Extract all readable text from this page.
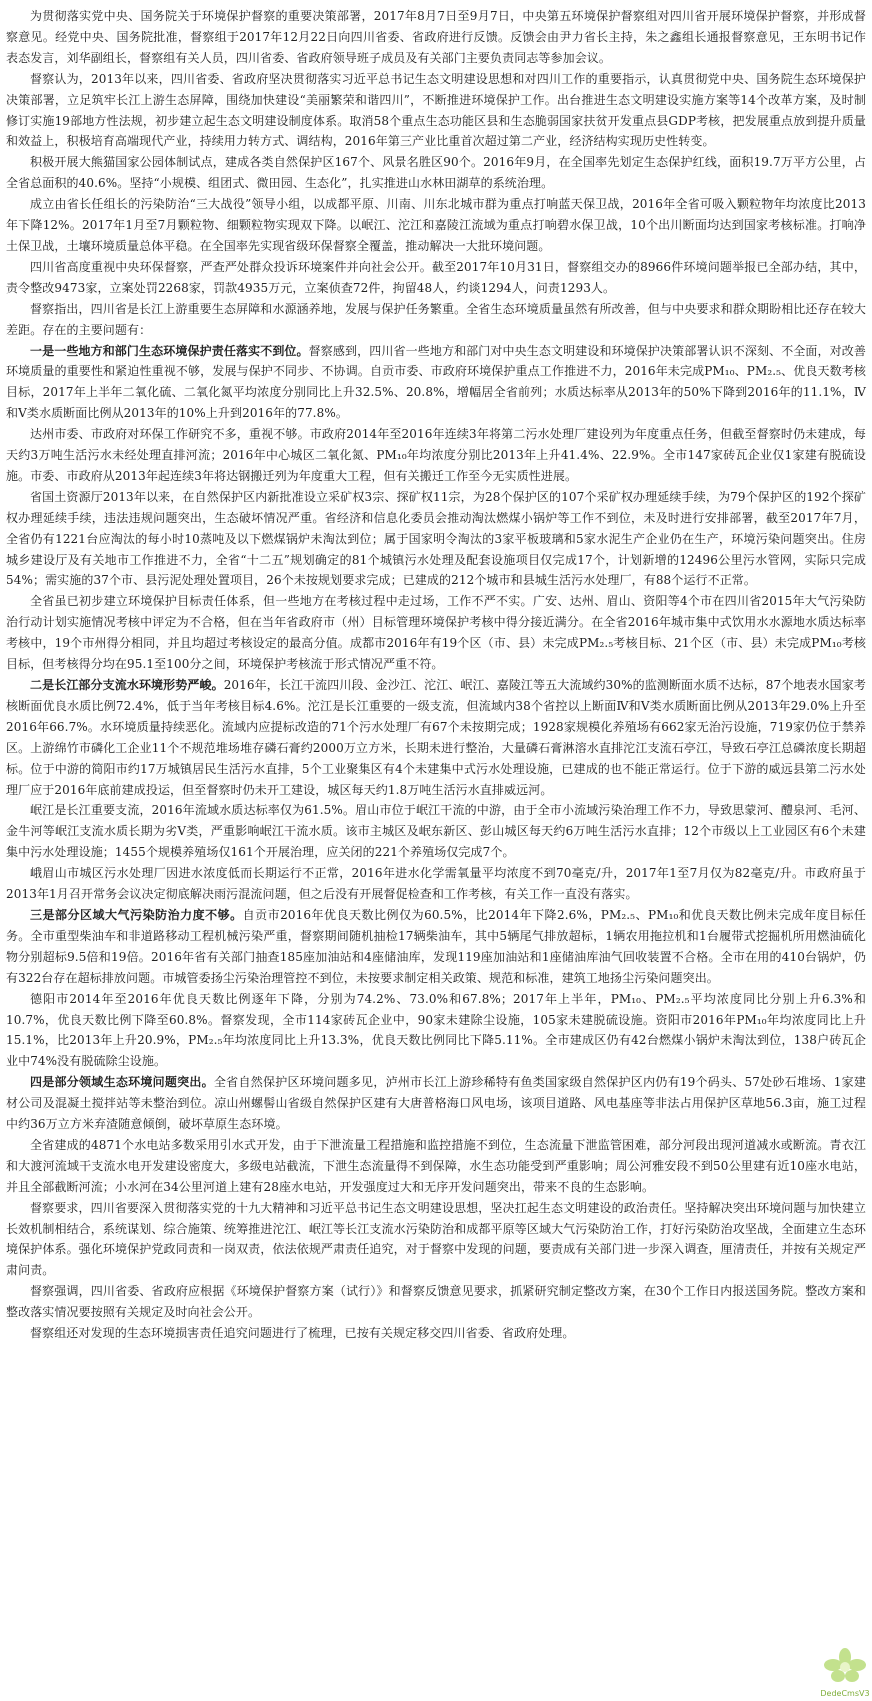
为贯彻落实党中央、国务院关于环境保护督察的重要决策部署，2017年8月7日至9月7日，中央第五环境保护督察组对四川省开展环境保护督察，并形成督察意见。经党中央、国务院批准，督察组于2017年12月22日向四川省委、省政府进行反馈。反馈会由尹力省长主持，朱之鑫组长通报督察意见，王东明书记作表态发言，刘华副组长，督察组有关人员，四川省委、省政府领导班子成员及有关部门主要负责同志等参加会议。

督察认为，2013年以来，四川省委、省政府坚决贯彻落实习近平总书记生态文明建设思想和对四川工作的重要指示，认真贯彻党中央、国务院生态环境保护决策部署，立足筑牢长江上游生态屏障，围绕加快建设“美丽繁荣和谐四川”，不断推进环境保护工作。出台推进生态文明建设实施方案等14个改革方案，及时制修订实施19部地方性法规，初步建立起生态文明建设制度体系。取消58个重点生态功能区县和生态脆弱国家扶贫开发重点县GDP考核，把发展重点放到提升质量和效益上，积极培育高端现代产业，持续用力转方式、调结构，2016年第三产业比重首次超过第二产业，经济结构实现历史性转变。

积极开展大熊猫国家公园体制试点，建成各类自然保护区167个、风景名胜区90个。2016年9月，在全国率先划定生态保护红线，面积19.7万平方公里，占全省总面积的40.6%。坚持“小规模、组团式、微田园、生态化”，扎实推进山水林田湖草的系统治理。

成立由省长任组长的污染防治“三大战役”领导小组，以成都平原、川南、川东北城市群为重点打响蓝天保卫战，2016年全省可吸入颗粒物年均浓度比2013年下降12%。2017年1月至7月颗粒物、细颗粒物实现双下降。以岷江、沱江和嘉陵江流域为重点打响碧水保卫战，10个出川断面均达到国家考核标准。打响净土保卫战，土壤环境质量总体平稳。在全国率先实现省级环保督察全覆盖，推动解决一大批环境问题。

四川省高度重视中央环保督察，严查严处群众投诉环境案件并向社会公开。截至2017年10月31日，督察组交办的8966件环境问题举报已全部办结，其中，责令整改9473家，立案处罚2268家，罚款4935万元，立案侦查72件，拘留48人，约谈1294人，问责1293人。

督察指出，四川省是长江上游重要生态屏障和水源涵养地，发展与保护任务繁重。全省生态环境质量虽然有所改善，但与中央要求和群众期盼相比还存在较大差距。存在的主要问题有：

一是一些地方和部门生态环境保护责任落实不到位。督察感到，四川省一些地方和部门对中央生态文明建设和环境保护决策部署认识不深刻、不全面，对改善环境质量的重要性和紧迫性重视不够，发展与保护不同步、不协调。自贡市委、市政府环境保护重点工作推进不力，2016年未完成PM₁₀、PM₂.₅、优良天数考核目标，2017年上半年二氧化硫、二氧化氮平均浓度分别同比上升32.5%、20.8%，增幅居全省前列；水质达标率从2013年的50%下降到2016年的11.1%，Ⅳ和Ⅴ类水质断面比例从2013年的10%上升到2016年的77.8%。

达州市委、市政府对环保工作研究不多，重视不够。市政府2014年至2016年连续3年将第二污水处理厂建设列为年度重点任务，但截至督察时仍未建成，每天约3万吨生活污水未经处理直排河流；2016年中心城区二氧化氮、PM₁₀年均浓度分别比2013年上升41.4%、22.9%。全市147家砖瓦企业仅1家建有脱硫设施。市委、市政府从2013年起连续3年将达钢搬迁列为年度重大工程，但有关搬迁工作至今无实质性进展。

省国土资源厅2013年以来，在自然保护区内新批准设立采矿权3宗、探矿权11宗，为28个保护区的107个采矿权办理延续手续，为79个保护区的192个探矿权办理延续手续，违法违规问题突出，生态破坏情况严重。省经济和信息化委员会推动淘汰燃煤小锅炉等工作不到位，未及时进行安排部署，截至2017年7月，全省仍有1221台应淘汰的每小时10蒸吨及以下燃煤锅炉未淘汰到位；属于国家明令淘汰的3家平板玻璃和5家水泥生产企业仍在生产，环境污染问题突出。住房城乡建设厅及有关地市工作推进不力，全省“十二五”规划确定的81个城镇污水处理及配套设施项目仅完成17个，计划新增的12496公里污水管网，实际只完成54%；需实施的37个市、县污泥处理处置项目，26个未按规划要求完成；已建成的212个城市和县城生活污水处理厂，有88个运行不正常。

全省虽已初步建立环境保护目标责任体系，但一些地方在考核过程中走过场，工作不严不实。广安、达州、眉山、资阳等4个市在四川省2015年大气污染防治行动计划实施情况考核中评定为不合格，但在当年省政府市（州）目标管理环境保护考核中得分接近满分。在全省2016年城市集中式饮用水水源地水质达标率考核中，19个市州得分相同，并且均超过考核设定的最高分值。成都市2016年有19个区（市、县）未完成PM₂.₅考核目标、21个区（市、县）未完成PM₁₀考核目标，但考核得分均在95.1至100分之间，环境保护考核流于形式情况严重不符。

二是长江部分支流水环境形势严峻。2016年，长江干流四川段、金沙江、沱江、岷江、嘉陵江等五大流域约30%的监测断面水质不达标，87个地表水国家考核断面优良水质比例72.4%，低于当年考核目标4.6%。沱江是长江重要的一级支流，但流域内38个省控以上断面Ⅳ和Ⅴ类水质断面比例从2013年29.0%上升至2016年66.7%。水环境质量持续恶化。流域内应提标改造的71个污水处理厂有67个未按期完成；1928家规模化养殖场有662家无治污设施，719家仍位于禁养区。上游绵竹市磷化工企业11个不规范堆场堆存磷石膏约2000万立方米，长期未进行整治，大量磷石膏淋溶水直排沱江支流石亭江，导致石亭江总磷浓度长期超标。位于中游的简阳市约17万城镇居民生活污水直排，5个工业聚集区有4个未建集中式污水处理设施，已建成的也不能正常运行。位于下游的威远县第二污水处理厂应于2016年底前建成投运，但至督察时仍未开工建设，城区每天约1.8万吨生活污水直排威远河。

岷江是长江重要支流，2016年流域水质达标率仅为61.5%。眉山市位于岷江干流的中游，由于全市小流域污染治理工作不力，导致思蒙河、醴泉河、毛河、金牛河等岷江支流水质长期为劣Ⅴ类，严重影响岷江干流水质。该市主城区及岷东新区、彭山城区每天约6万吨生活污水直排；12个市级以上工业园区有6个未建集中污水处理设施；1455个规模养殖场仅161个开展治理，应关闭的221个养殖场仅完成7个。

峨眉山市城区污水处理厂因进水浓度低而长期运行不正常，2016年进水化学需氧量平均浓度不到70毫克/升，2017年1至7月仅为82毫克/升。市政府虽于2013年1月召开常务会议决定彻底解决雨污混流问题，但之后没有开展督促检查和工作考核，有关工作一直没有落实。

三是部分区域大气污染防治力度不够。自贡市2016年优良天数比例仅为60.5%，比2014年下降2.6%，PM₂.₅、PM₁₀和优良天数比例未完成年度目标任务。全市重型柴油车和非道路移动工程机械污染严重，督察期间随机抽检17辆柴油车，其中5辆尾气排放超标，1辆农用拖拉机和1台履带式挖掘机所用燃油硫化物分别超标9.5倍和19倍。2016年省有关部门抽查185座加油站和4座储油库，发现119座加油站和1座储油库油气回收装置不合格。全市在用的410台锅炉，仍有322台存在超标排放问题。市城管委扬尘污染治理管控不到位，未按要求制定相关政策、规范和标准，建筑工地扬尘污染问题突出。

德阳市2014年至2016年优良天数比例逐年下降，分别为74.2%、73.0%和67.8%；2017年上半年，PM₁₀、PM₂.₅平均浓度同比分别上升6.3%和10.7%，优良天数比例下降至60.8%。督察发现，全市114家砖瓦企业中，90家未建除尘设施，105家未建脱硫设施。资阳市2016年PM₁₀年均浓度同比上升15.1%，比2013年上升20.9%，PM₂.₅年均浓度同比上升13.3%，优良天数比例同比下降5.11%。全市建成区仍有42台燃煤小锅炉未淘汰到位，138户砖瓦企业中74%没有脱硫除尘设施。

四是部分领域生态环境问题突出。全省自然保护区环境问题多见，泸州市长江上游珍稀特有鱼类国家级自然保护区内仍有19个码头、57处砂石堆场、1家建材公司及混凝土搅拌站等未整治到位。凉山州螺髻山省级自然保护区建有大唐普格海口风电场，该项目道路、风电基座等非法占用保护区草地56.3亩，施工过程中约36万立方米弃渣随意倾倒，破坏草原生态环境。

全省建成的4871个水电站多数采用引水式开发，由于下泄流量工程措施和监控措施不到位，生态流量下泄监管困难，部分河段出现河道减水或断流。青衣江和大渡河流域干支流水电开发建设密度大，多级电站截流，下泄生态流量得不到保障，水生态功能受到严重影响；周公河雅安段不到50公里建有近10座水电站，并且全部截断河流；小水河在34公里河道上建有28座水电站，开发强度过大和无序开发问题突出，带来不良的生态影响。

督察要求，四川省要深入贯彻落实党的十九大精神和习近平总书记生态文明建设思想，坚决扛起生态文明建设的政治责任。坚持解决突出环境问题与加快建立长效机制相结合，系统谋划、综合施策、统筹推进沱江、岷江等长江支流水污染防治和成都平原等区域大气污染防治工作，打好污染防治攻坚战，全面建立生态环境保护体系。强化环境保护党政同责和一岗双责，依法依规严肃责任追究，对于督察中发现的问题，要责成有关部门进一步深入调查，厘清责任，并按有关规定严肃问责。

督察强调，四川省委、省政府应根据《环境保护督察方案（试行）》和督察反馈意见要求，抓紧研究制定整改方案，在30个工作日内报送国务院。整改方案和整改落实情况要按照有关规定及时向社会公开。

督察组还对发现的生态环境损害责任追究问题进行了梳理，已按有关规定移交四川省委、省政府处理。

DedeCmsV3
